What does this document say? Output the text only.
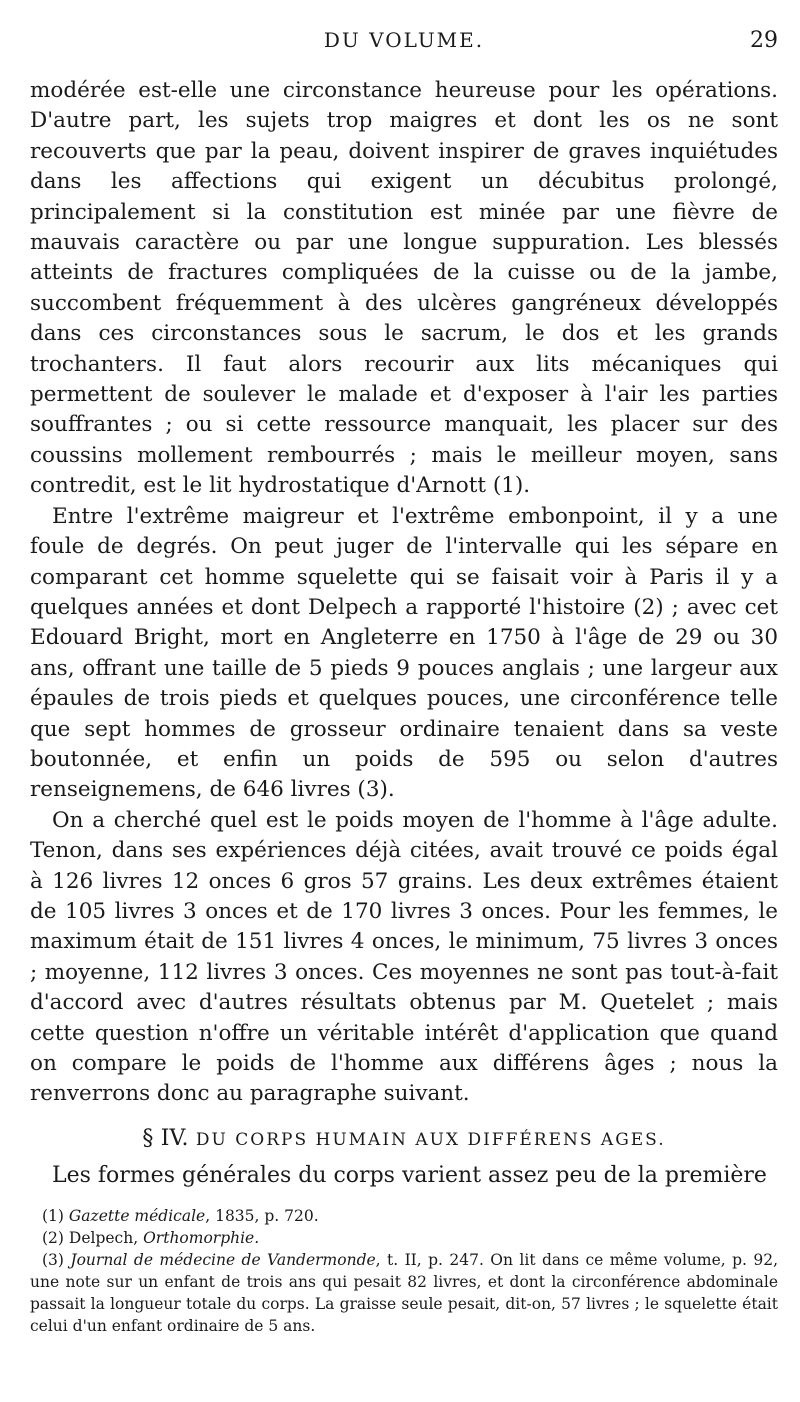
DU VOLUME.	29

modérée est-elle une circonstance heureuse pour les opérations. D'autre part, les sujets trop maigres et dont les os ne sont recouverts que par la peau, doivent inspirer de graves inquiétudes dans les affections qui exigent un décubitus prolongé, principalement si la constitution est minée par une fièvre de mauvais caractère ou par une longue suppuration. Les blessés atteints de fractures compliquées de la cuisse ou de la jambe, succombent fréquemment à des ulcères gangréneux développés dans ces circonstances sous le sacrum, le dos et les grands trochanters. Il faut alors recourir aux lits mécaniques qui permettent de soulever le malade et d'exposer à l'air les parties souffrantes ; ou si cette ressource manquait, les placer sur des coussins mollement rembourrés ; mais le meilleur moyen, sans contredit, est le lit hydrostatique d'Arnott (1).

Entre l'extrême maigreur et l'extrême embonpoint, il y a une foule de degrés. On peut juger de l'intervalle qui les sépare en comparant cet homme squelette qui se faisait voir à Paris il y a quelques années et dont Delpech a rapporté l'histoire (2) ; avec cet Edouard Bright, mort en Angleterre en 1750 à l'âge de 29 ou 30 ans, offrant une taille de 5 pieds 9 pouces anglais ; une largeur aux épaules de trois pieds et quelques pouces, une circonférence telle que sept hommes de grosseur ordinaire tenaient dans sa veste boutonnée, et enfin un poids de 595 ou selon d'autres renseignemens, de 646 livres (3).

On a cherché quel est le poids moyen de l'homme à l'âge adulte. Tenon, dans ses expériences déjà citées, avait trouvé ce poids égal à 126 livres 12 onces 6 gros 57 grains. Les deux extrêmes étaient de 105 livres 3 onces et de 170 livres 3 onces. Pour les femmes, le maximum était de 151 livres 4 onces, le minimum, 75 livres 3 onces ; moyenne, 112 livres 3 onces. Ces moyennes ne sont pas tout-à-fait d'accord avec d'autres résultats obtenus par M. Quetelet ; mais cette question n'offre un véritable intérêt d'application que quand on compare le poids de l'homme aux différens âges ; nous la renverrons donc au paragraphe suivant.

§ IV. DU CORPS HUMAIN AUX DIFFÉRENS AGES.

Les formes générales du corps varient assez peu de la première

(1) Gazette médicale, 1835, p. 720.

(2) Delpech, Orthomorphie.

(3) Journal de médecine de Vandermonde, t. II, p. 247. On lit dans ce même volume, p. 92, une note sur un enfant de trois ans qui pesait 82 livres, et dont la circonférence abdominale passait la longueur totale du corps. La graisse seule pesait, dit-on, 57 livres ; le squelette était celui d'un enfant ordinaire de 5 ans.
